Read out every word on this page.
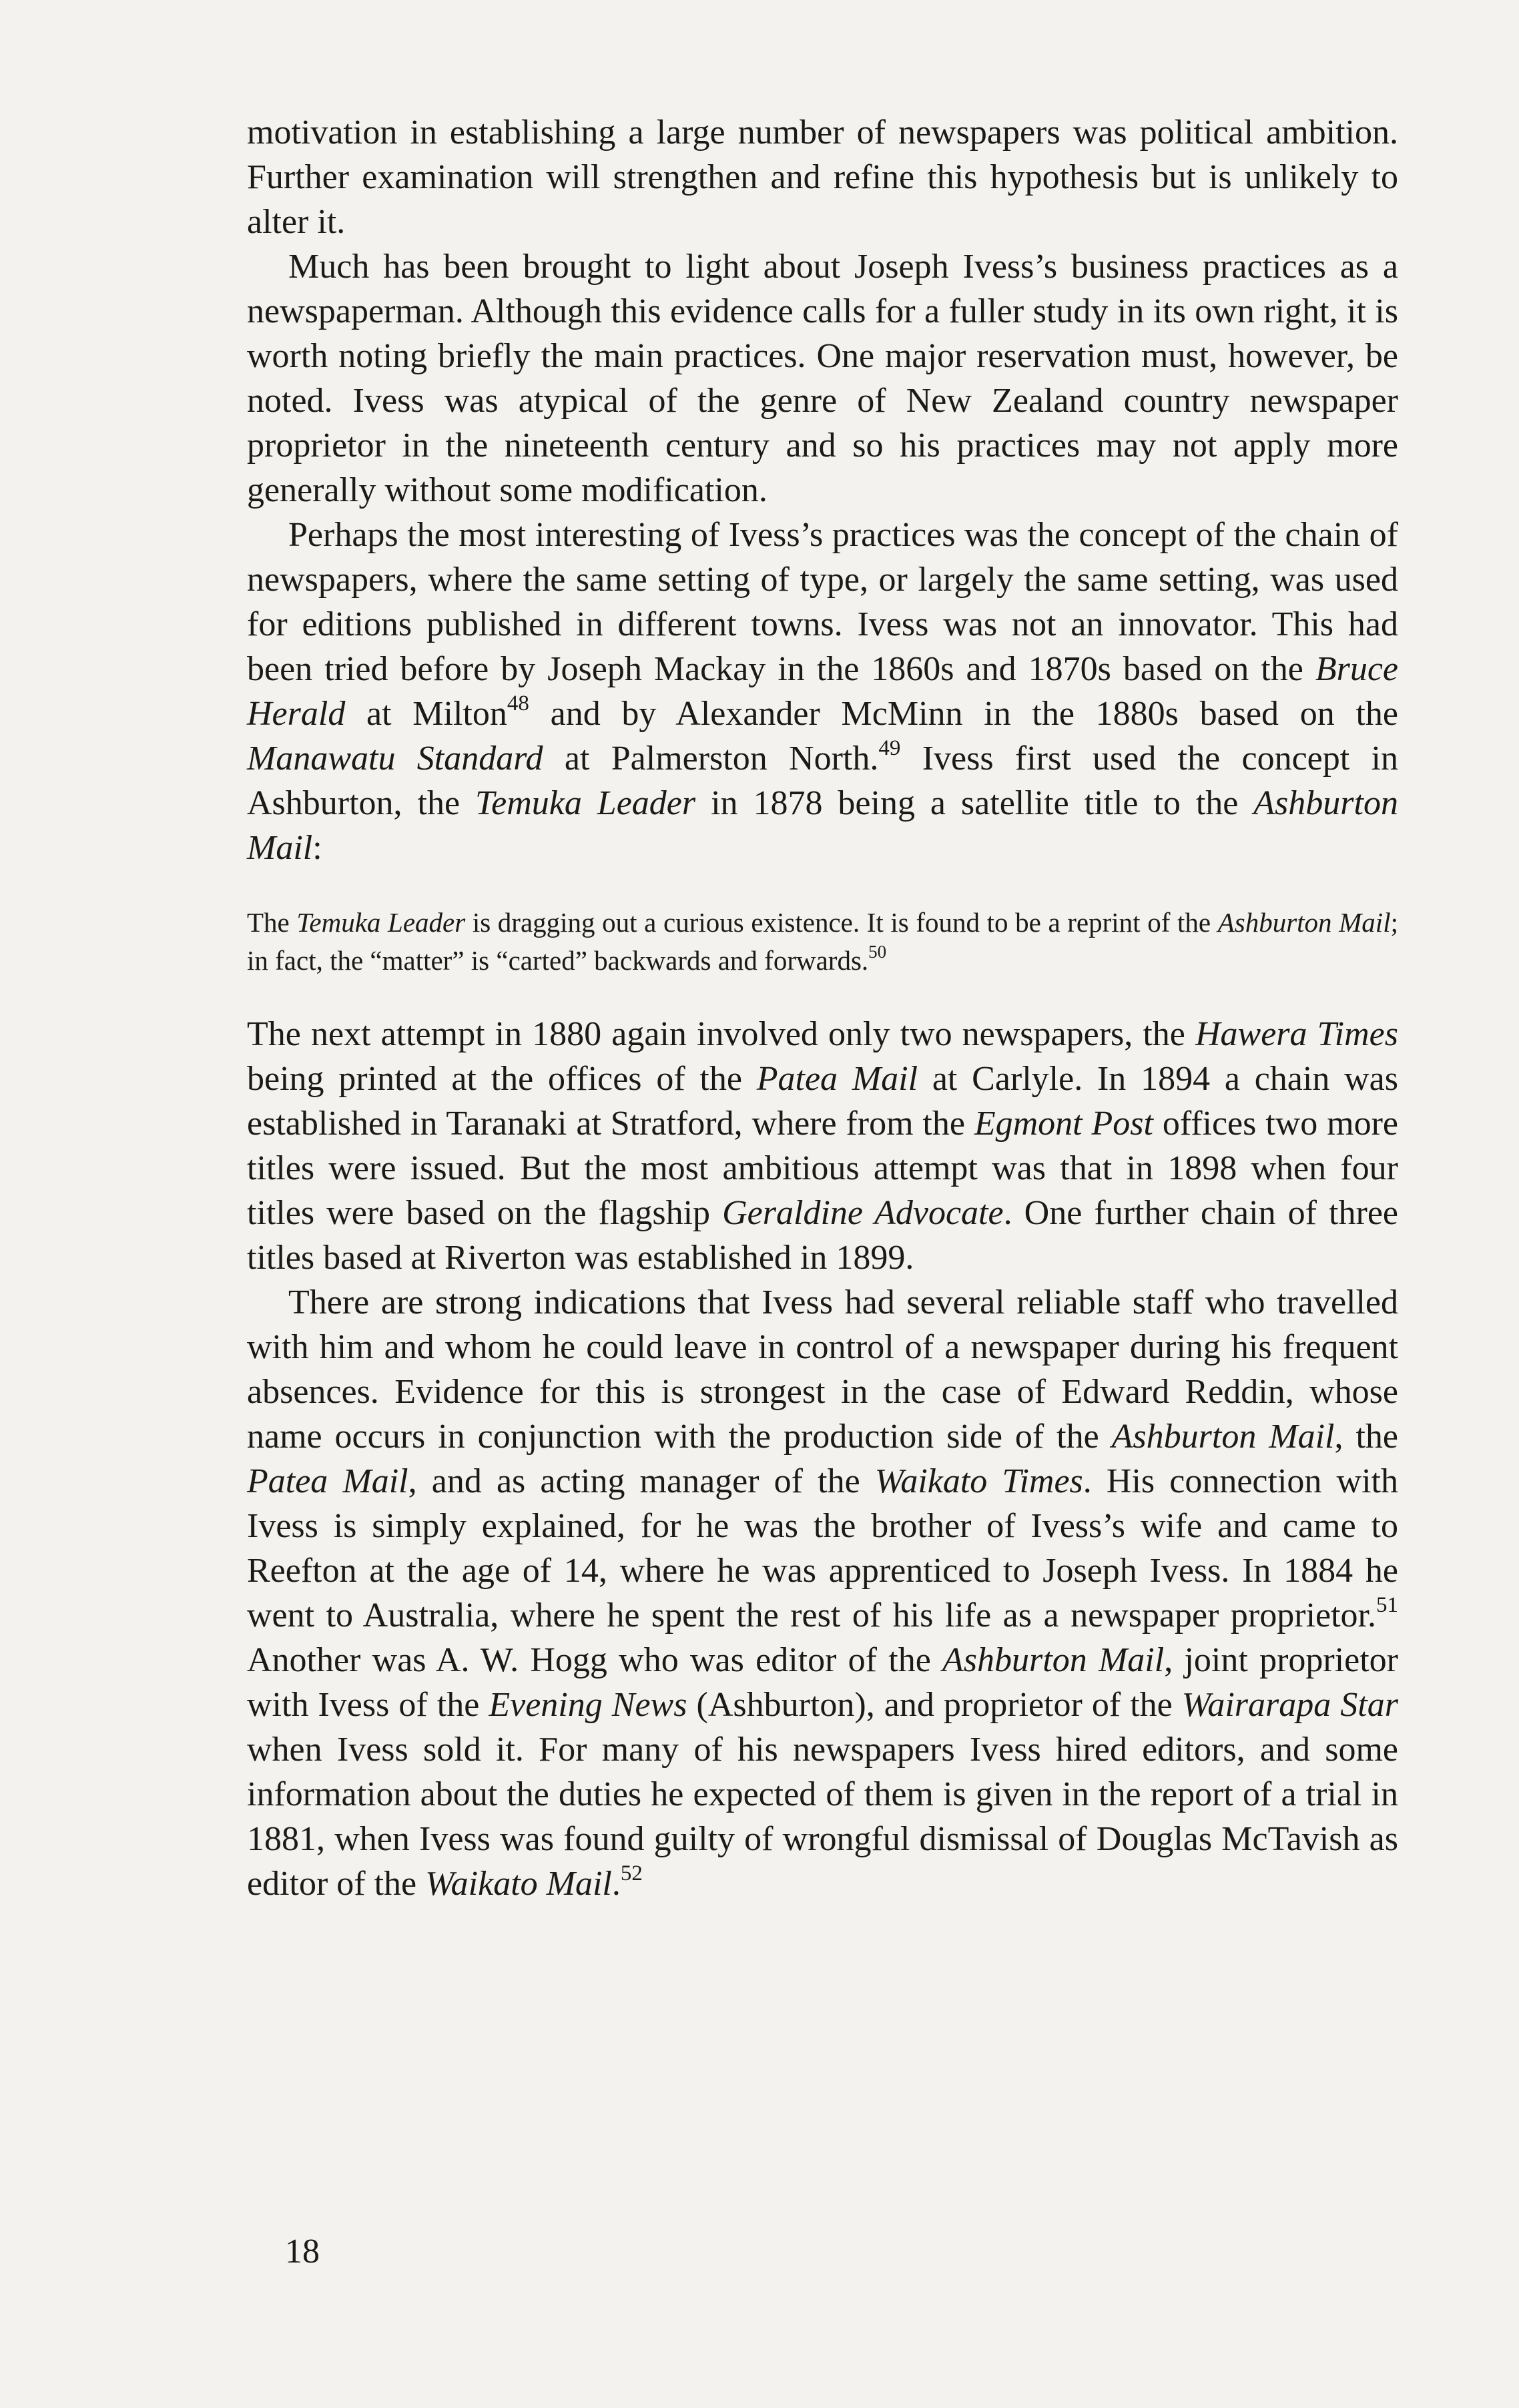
motivation in establishing a large number of newspapers was political ambition. Further examination will strengthen and refine this hypothesis but is unlikely to alter it.

Much has been brought to light about Joseph Ivess’s business practices as a newspaperman. Although this evidence calls for a fuller study in its own right, it is worth noting briefly the main practices. One major reservation must, however, be noted. Ivess was atypical of the genre of New Zealand country newspaper proprietor in the nineteenth century and so his practices may not apply more generally without some modification.

Perhaps the most interesting of Ivess’s practices was the concept of the chain of newspapers, where the same setting of type, or largely the same setting, was used for editions published in different towns. Ivess was not an innovator. This had been tried before by Joseph Mackay in the 1860s and 1870s based on the Bruce Herald at Milton$^{48}$ and by Alexander McMinn in the 1880s based on the Manawatu Standard at Palmerston North.$^{49}$ Ivess first used the concept in Ashburton, the Temuka Leader in 1878 being a satellite title to the Ashburton Mail:

The Temuka Leader is dragging out a curious existence. It is found to be a reprint of the Ashburton Mail; in fact, the “matter” is “carted” backwards and forwards.$^{50}$

The next attempt in 1880 again involved only two newspapers, the Hawera Times being printed at the offices of the Patea Mail at Carlyle. In 1894 a chain was established in Taranaki at Stratford, where from the Egmont Post offices two more titles were issued. But the most ambitious attempt was that in 1898 when four titles were based on the flagship Geraldine Advocate. One further chain of three titles based at Riverton was established in 1899.

There are strong indications that Ivess had several reliable staff who travelled with him and whom he could leave in control of a newspaper during his frequent absences. Evidence for this is strongest in the case of Edward Reddin, whose name occurs in conjunction with the production side of the Ashburton Mail, the Patea Mail, and as acting manager of the Waikato Times. His connection with Ivess is simply explained, for he was the brother of Ivess’s wife and came to Reefton at the age of 14, where he was apprenticed to Joseph Ivess. In 1884 he went to Australia, where he spent the rest of his life as a newspaper proprietor.$^{51}$ Another was A. W. Hogg who was editor of the Ashburton Mail, joint proprietor with Ivess of the Evening News (Ashburton), and proprietor of the Wairarapa Star when Ivess sold it. For many of his newspapers Ivess hired editors, and some information about the duties he expected of them is given in the report of a trial in 1881, when Ivess was found guilty of wrongful dismissal of Douglas McTavish as editor of the Waikato Mail.$^{52}$

18
